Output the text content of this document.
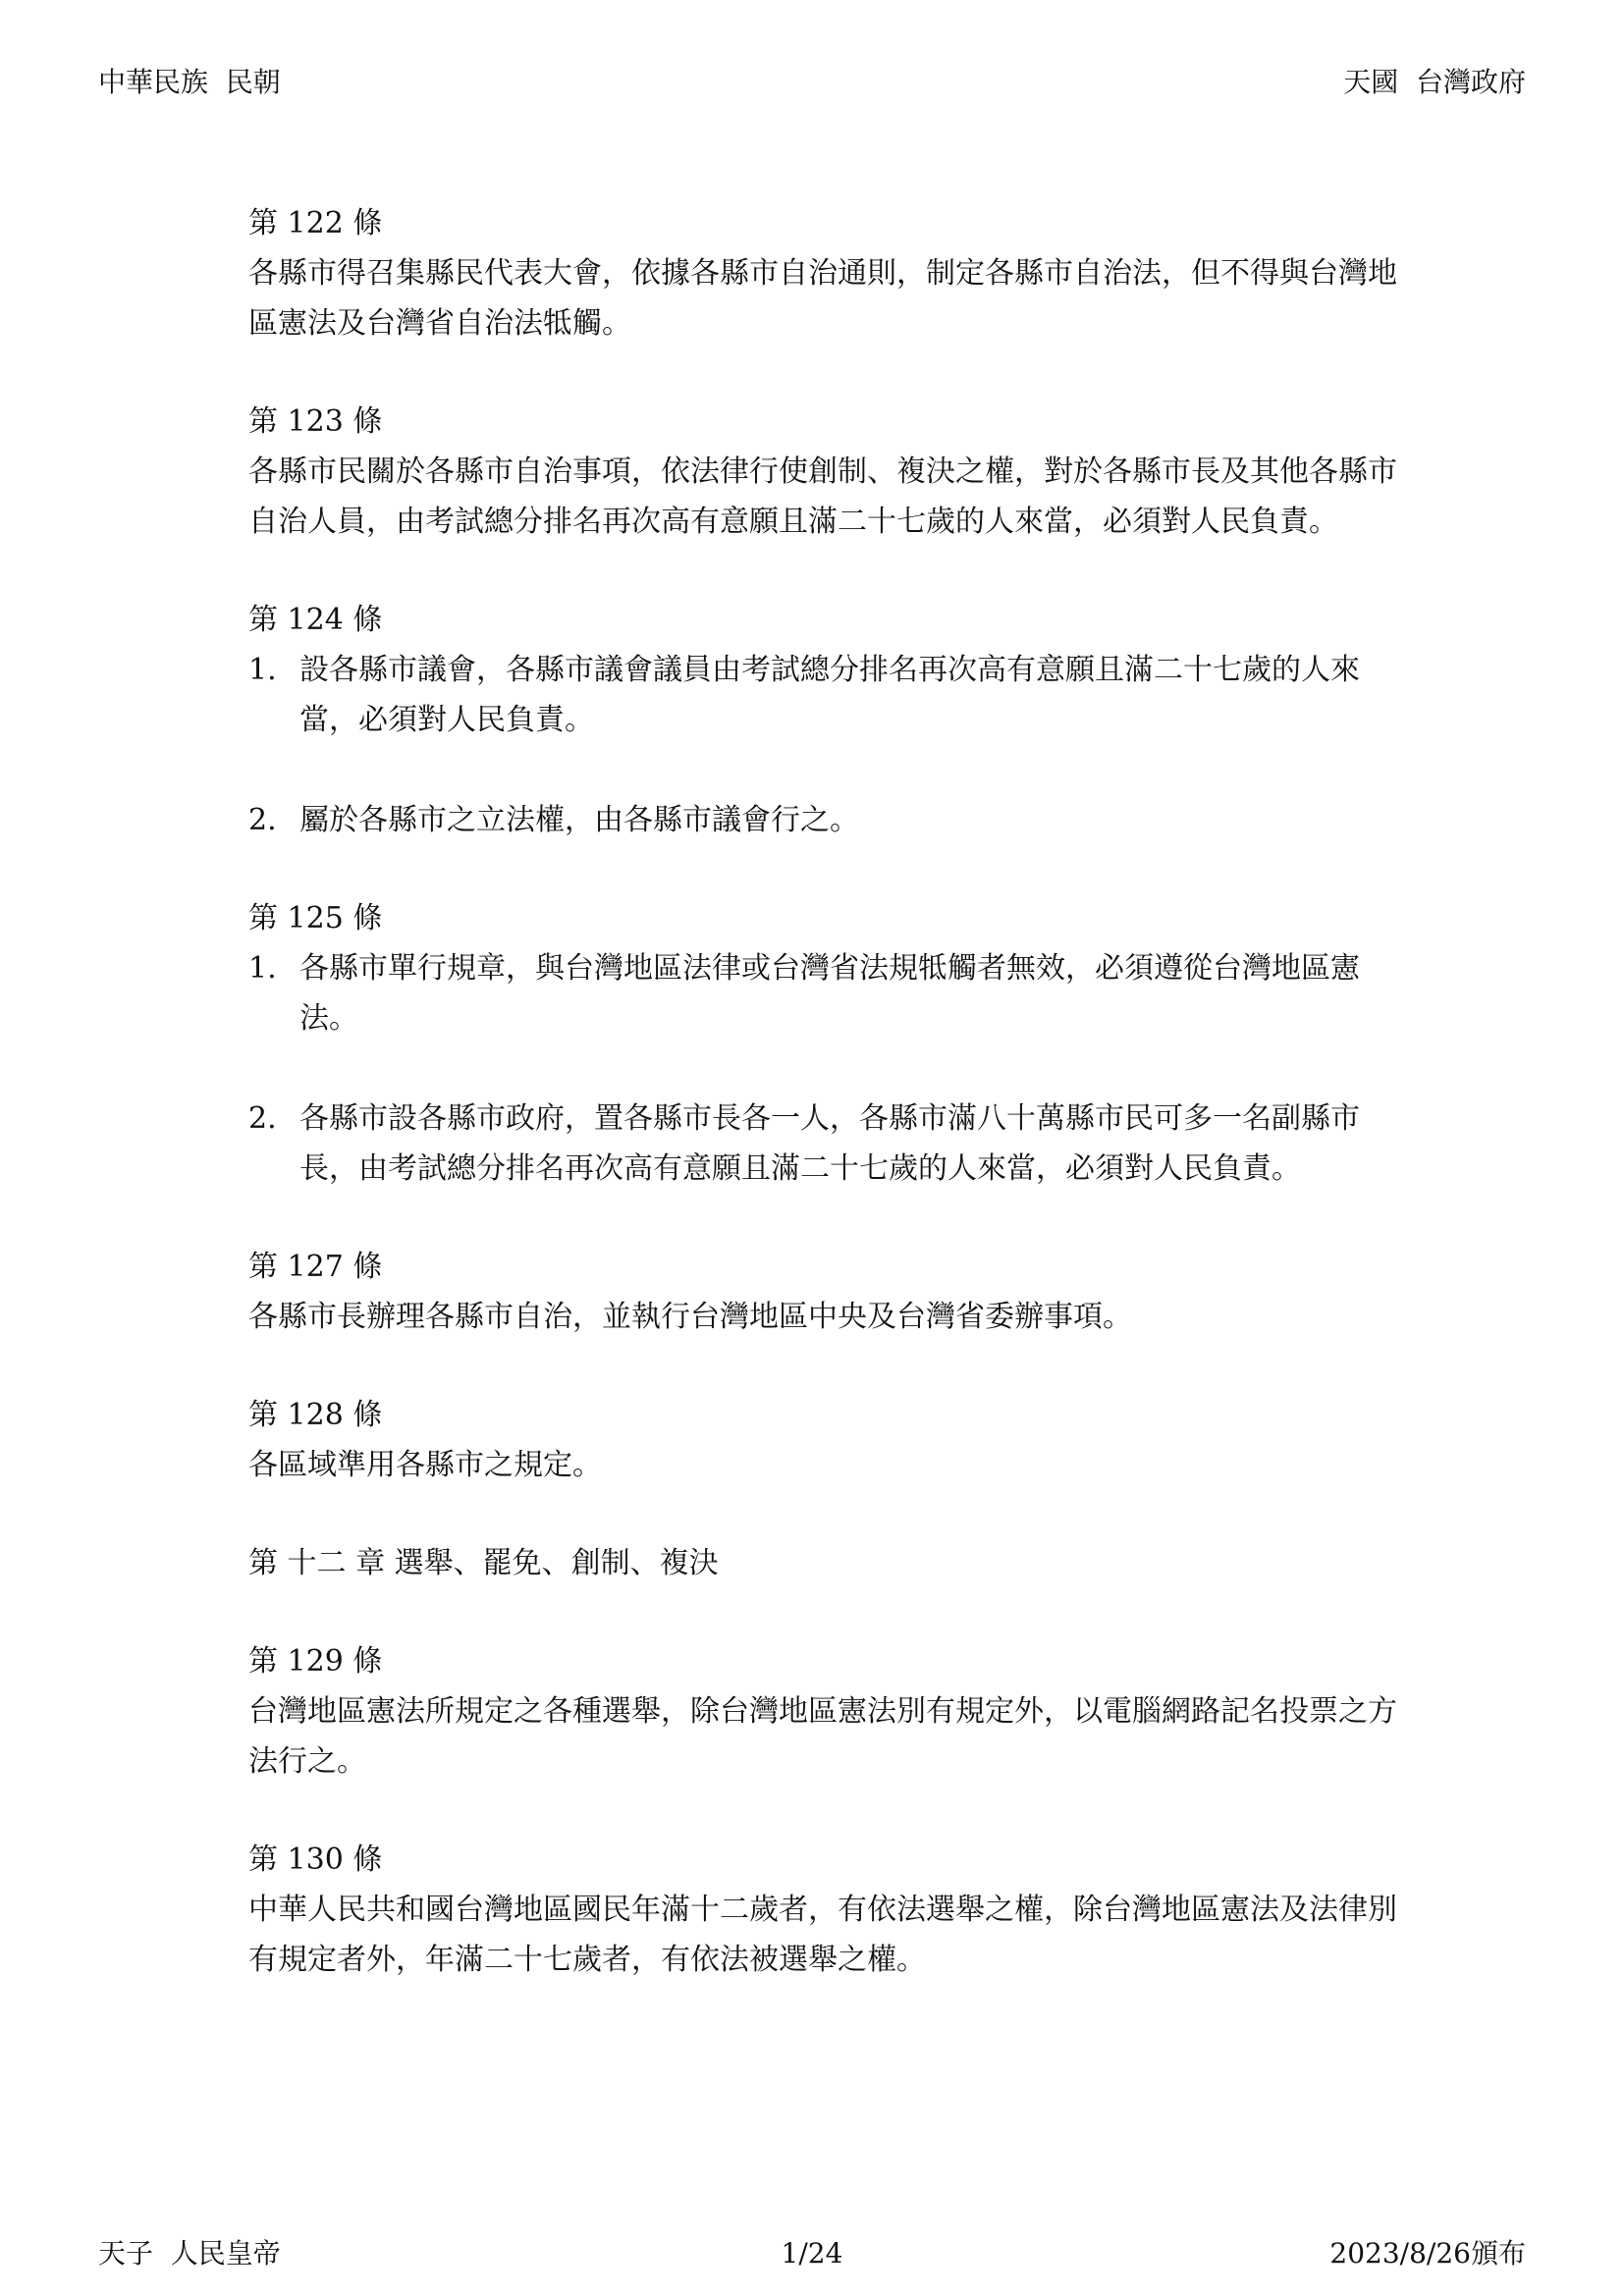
中華民族  民朝	天國  台灣政府
第 122 條

各縣市得召集縣民代表大會，依據各縣市自治通則，制定各縣市自治法，但不得與台灣地區憲法及台灣省自治法牴觸。

第 123 條

各縣市民關於各縣市自治事項，依法律行使創制、複決之權，對於各縣市長及其他各縣市自治人員，由考試總分排名再次高有意願且滿二十七歲的人來當，必須對人民負責。

第 124 條
1. 設各縣市議會，各縣市議會議員由考試總分排名再次高有意願且滿二十七歲的人來當，必須對人民負責。
2. 屬於各縣市之立法權，由各縣市議會行之。
第 125 條
1. 各縣市單行規章，與台灣地區法律或台灣省法規牴觸者無效，必須遵從台灣地區憲法。
2. 各縣市設各縣市政府，置各縣市長各一人，各縣市滿八十萬縣市民可多一名副縣市長，由考試總分排名再次高有意願且滿二十七歲的人來當，必須對人民負責。
第 127 條

各縣市長辦理各縣市自治，並執行台灣地區中央及台灣省委辦事項。

第 128 條

各區域準用各縣市之規定。

第 十二 章 選舉、罷免、創制、複決
第 129 條

台灣地區憲法所規定之各種選舉，除台灣地區憲法別有規定外，以電腦網路記名投票之方法行之。

第 130 條

中華人民共和國台灣地區國民年滿十二歲者，有依法選舉之權，除台灣地區憲法及法律別有規定者外，年滿二十七歲者，有依法被選舉之權。

天子  人民皇帝	1/24	2023/8/26頒布
